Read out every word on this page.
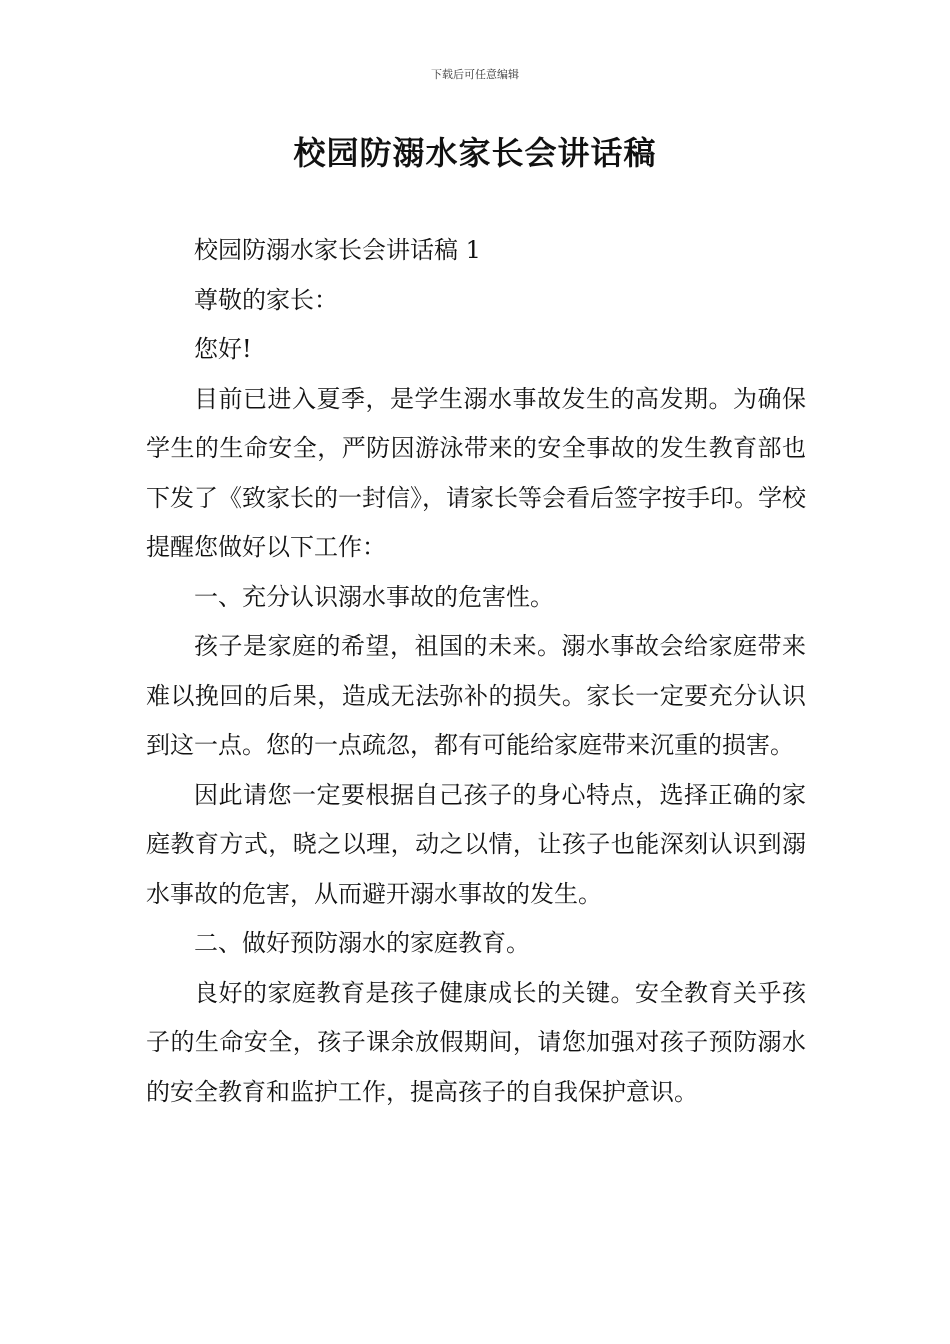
下载后可任意编辑
校园防溺水家长会讲话稿

校园防溺水家长会讲话稿 1

尊敬的家长：

您好!

目前已进入夏季，是学生溺水事故发生的高发期。为确保学生的生命安全，严防因游泳带来的安全事故的发生教育部也下发了《致家长的一封信》，请家长等会看后签字按手印。学校提醒您做好以下工作：

一、充分认识溺水事故的危害性。

孩子是家庭的希望，祖国的未来。溺水事故会给家庭带来难以挽回的后果，造成无法弥补的损失。家长一定要充分认识到这一点。您的一点疏忽，都有可能给家庭带来沉重的损害。

因此请您一定要根据自己孩子的身心特点，选择正确的家庭教育方式，晓之以理，动之以情，让孩子也能深刻认识到溺水事故的危害，从而避开溺水事故的发生。

二、做好预防溺水的家庭教育。

良好的家庭教育是孩子健康成长的关键。安全教育关乎孩子的生命安全，孩子课余放假期间，请您加强对孩子预防溺水的安全教育和监护工作，提高孩子的自我保护意识。
